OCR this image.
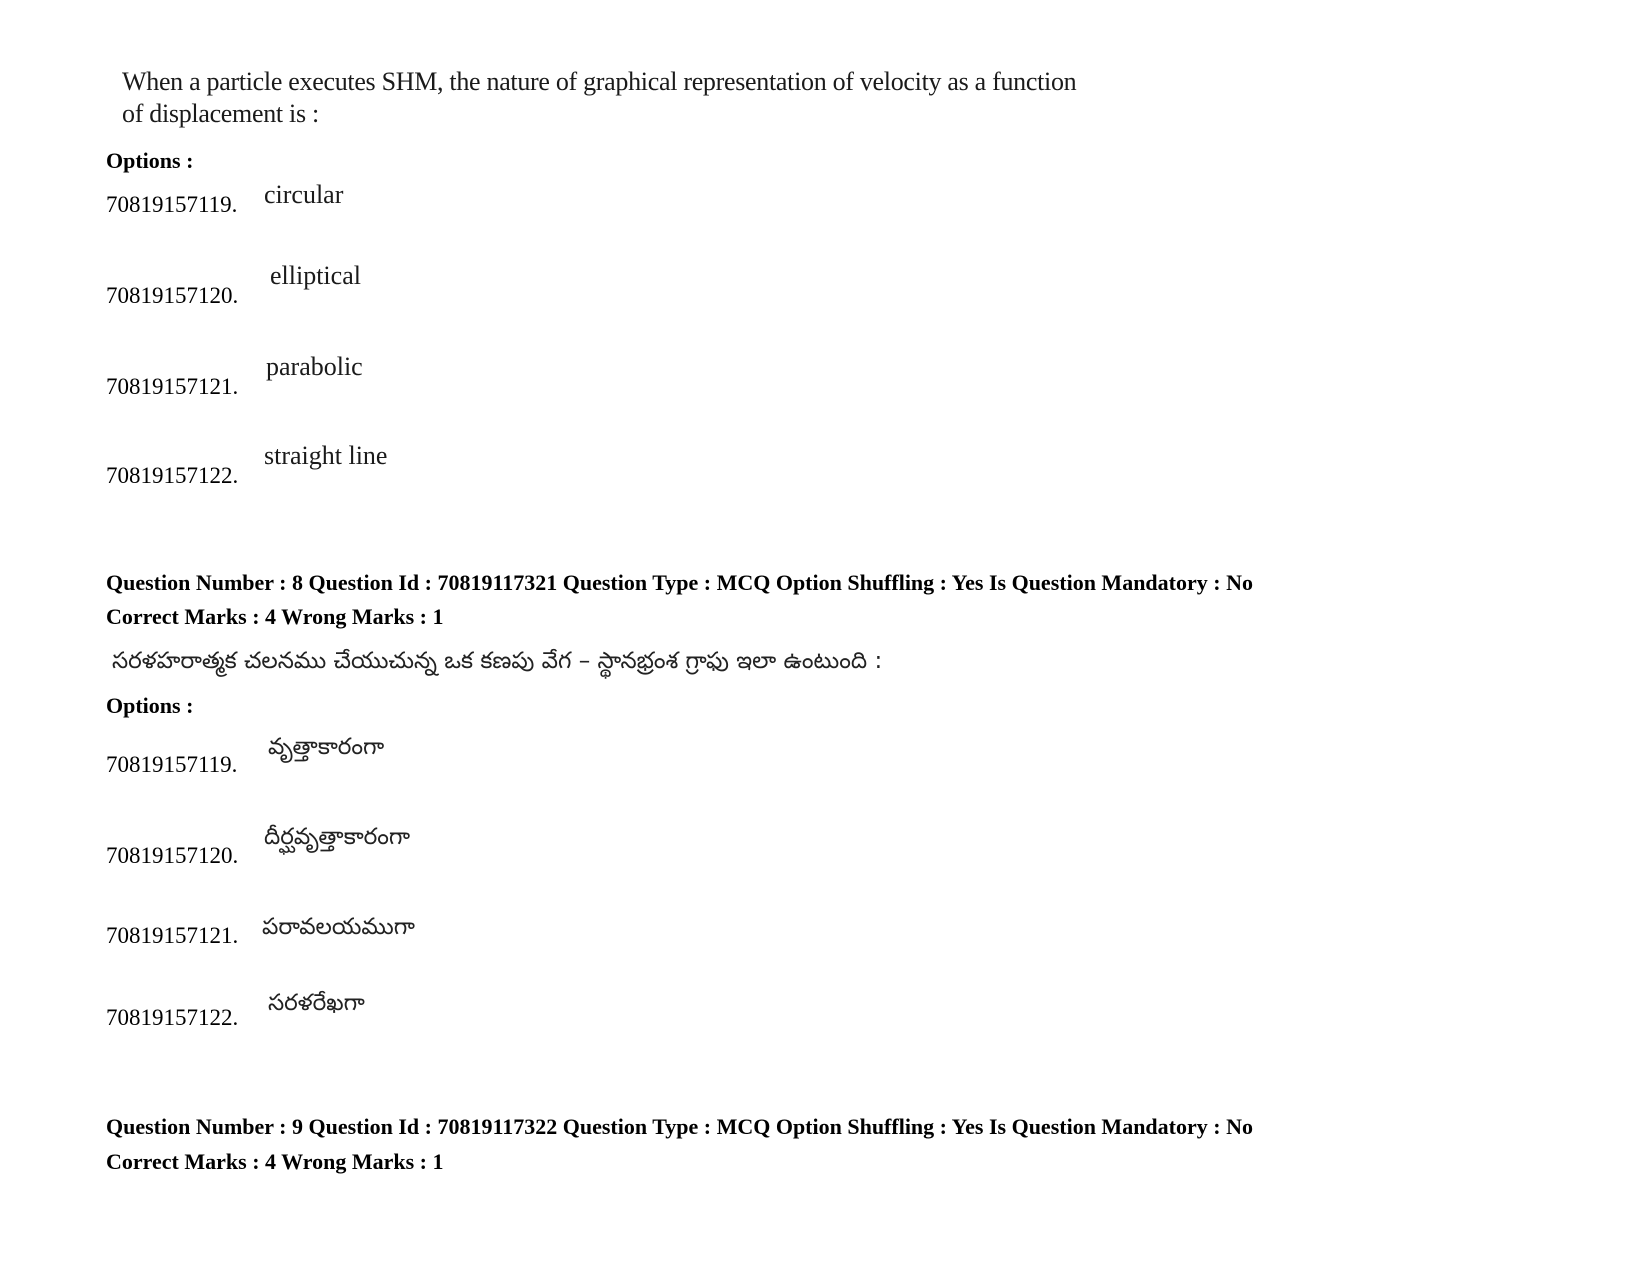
When a particle executes SHM, the nature of graphical representation of velocity as a function
of displacement is :
Options :
70819157119. circular
70819157120.
elliptical
70819157121.
parabolic
70819157122.
straight line
Question Number : 8 Question Id : 70819117321 Question Type : MCQ Option Shuffling : Yes Is Question Mandatory : No
Correct Marks : 4 Wrong Marks : 1
సరళహరాత్మక చలనము చేయుచున్న ఒక కణపు వేగ – స్థానభ్రంశ గ్రాఫు ఇలా ఉంటుంది :
Options :
70819157119.
వృత్తాకారంగా
70819157120.
దీర్ఘవృత్తాకారంగా
70819157121. పరావలయముగా
70819157122.
సరళరేఖగా
Question Number : 9 Question Id : 70819117322 Question Type : MCQ Option Shuffling : Yes Is Question Mandatory : No
Correct Marks : 4 Wrong Marks : 1
